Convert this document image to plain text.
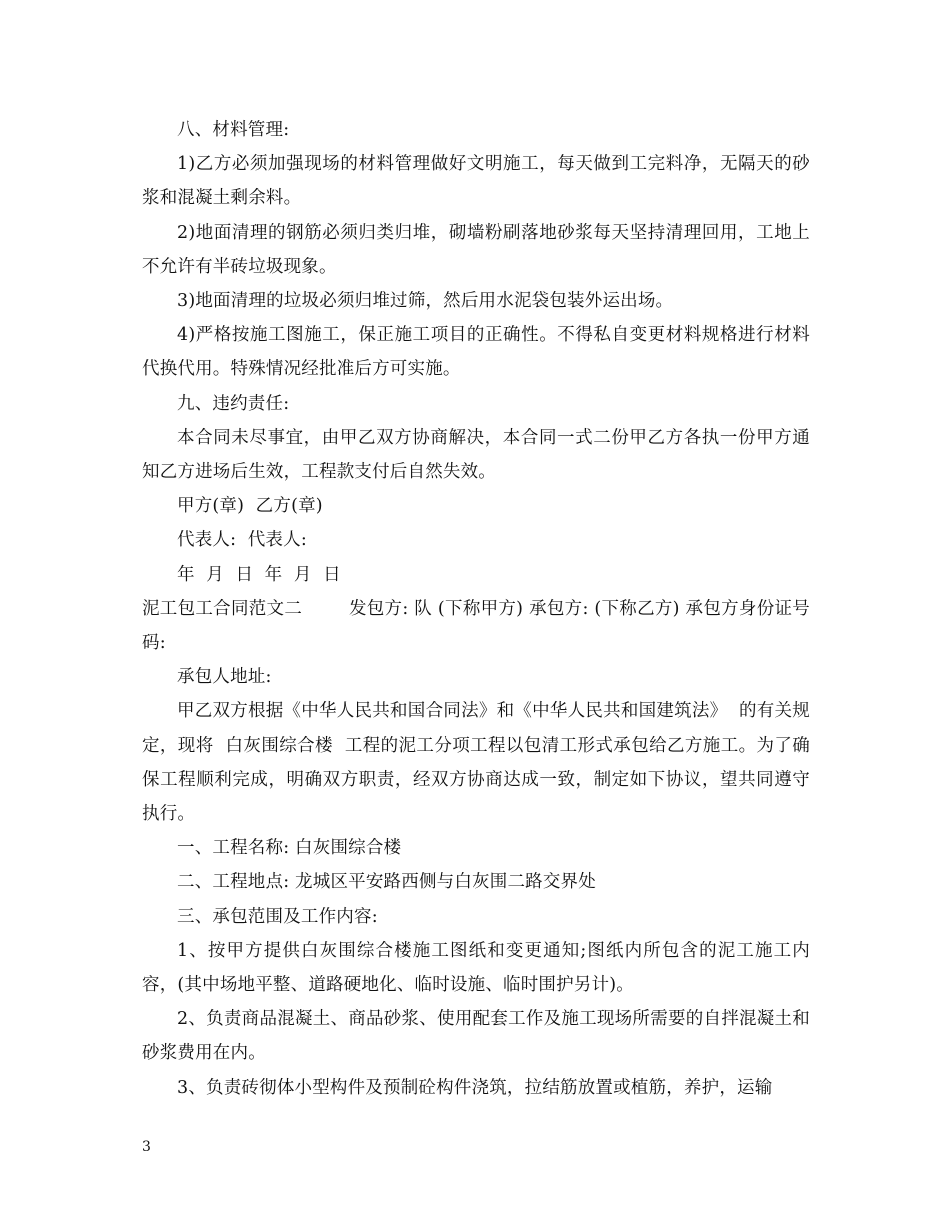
八、材料管理:

1)乙方必须加强现场的材料管理做好文明施工，每天做到工完料净，无隔天的砂浆和混凝土剩余料。

2)地面清理的钢筋必须归类归堆，砌墙粉刷落地砂浆每天坚持清理回用，工地上不允许有半砖垃圾现象。

3)地面清理的垃圾必须归堆过筛，然后用水泥袋包装外运出场。

4)严格按施工图施工，保正施工项目的正确性。不得私自变更材料规格进行材料代换代用。特殊情况经批准后方可实施。

九、违约责任:

本合同未尽事宜，由甲乙双方协商解决，本合同一式二份甲乙方各执一份甲方通知乙方进场后生效，工程款支付后自然失效。

甲方(章)  乙方(章)

代表人:  代表人:

年  月  日  年  月  日

泥工包工合同范文二        发包方: 队 (下称甲方) 承包方: (下称乙方) 承包方身份证号码:

承包人地址:

甲乙双方根据《中华人民共和国合同法》和《中华人民共和国建筑法》  的有关规定，现将  白灰围综合楼  工程的泥工分项工程以包清工形式承包给乙方施工。为了确保工程顺利完成，明确双方职责，经双方协商达成一致，制定如下协议，望共同遵守执行。

一、工程名称: 白灰围综合楼

二、工程地点: 龙城区平安路西侧与白灰围二路交界处

三、承包范围及工作内容:

1、按甲方提供白灰围综合楼施工图纸和变更通知;图纸内所包含的泥工施工内容，(其中场地平整、道路硬地化、临时设施、临时围护另计)。

2、负责商品混凝土、商品砂浆、使用配套工作及施工现场所需要的自拌混凝土和砂浆费用在内。

3、负责砖彻体小型构件及预制砼构件浇筑，拉结筋放置或植筋，养护，运输

3
